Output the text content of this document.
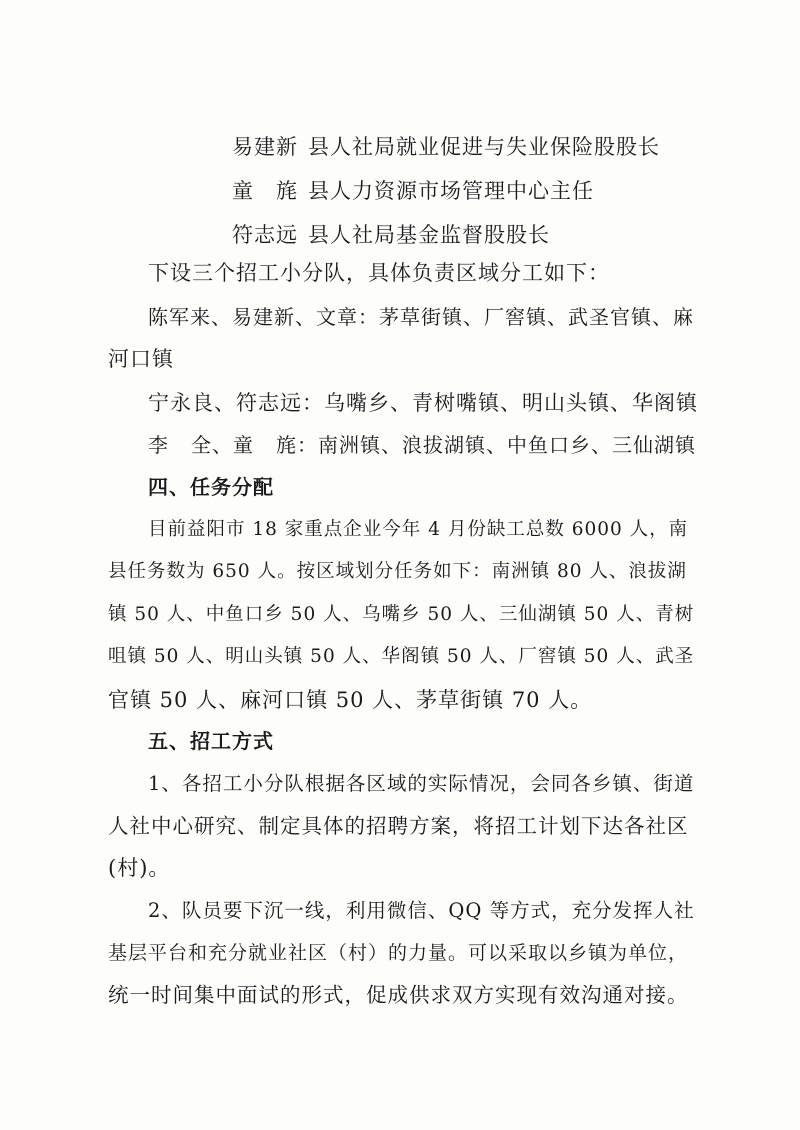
易建新 县人社局就业促进与失业保险股股长
童 旄 县人力资源市场管理中心主任
符志远 县人社局基金监督股股长
下设三个招工小分队，具体负责区域分工如下：
陈军来、易建新、文章：茅草街镇、厂窖镇、武圣官镇、麻
河口镇
宁永良、符志远：乌嘴乡、青树嘴镇、明山头镇、华阁镇
李 全、童 旄：南洲镇、浪拔湖镇、中鱼口乡、三仙湖镇
四、任务分配
目前益阳市 18 家重点企业今年 4 月份缺工总数 6000 人，南
县任务数为 650 人。按区域划分任务如下：南洲镇 80 人、浪拔湖
镇 50 人、中鱼口乡 50 人、乌嘴乡 50 人、三仙湖镇 50 人、青树
咀镇 50 人、明山头镇 50 人、华阁镇 50 人、厂窖镇 50 人、武圣
官镇 50 人、麻河口镇 50 人、茅草街镇 70 人。
五、招工方式
1、各招工小分队根据各区域的实际情况，会同各乡镇、街道
人社中心研究、制定具体的招聘方案，将招工计划下达各社区
(村)。
2、队员要下沉一线，利用微信、QQ 等方式，充分发挥人社
基层平台和充分就业社区（村）的力量。可以采取以乡镇为单位，
统一时间集中面试的形式，促成供求双方实现有效沟通对接。
